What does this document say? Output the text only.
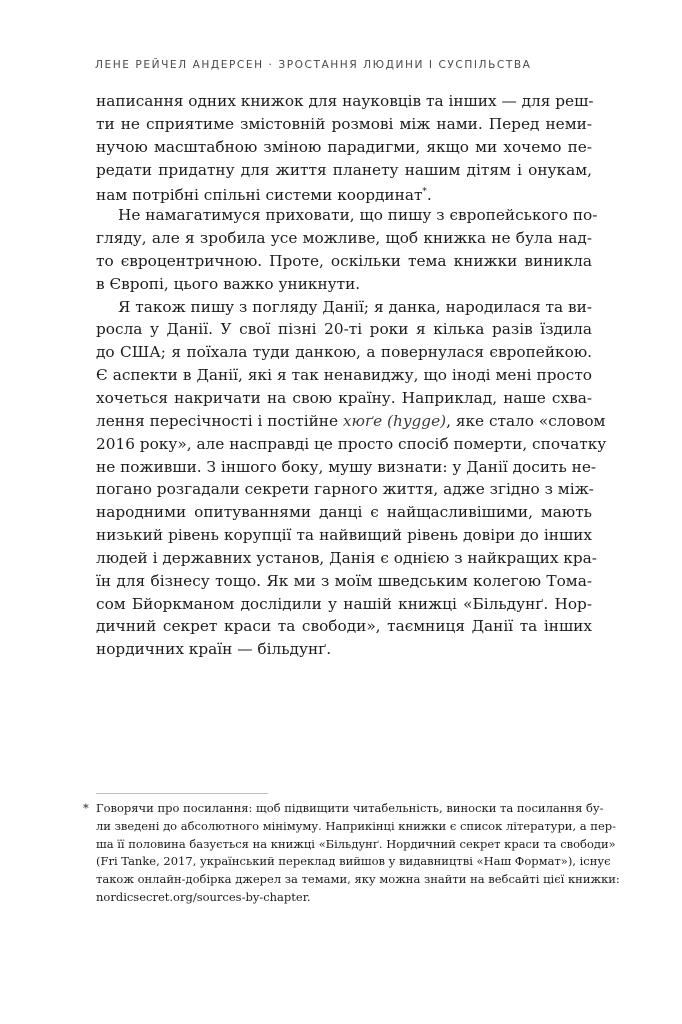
ЛЕНЕ РЕЙЧЕЛ АНДЕРСЕН · ЗРОСТАННЯ ЛЮДИНИ І СУСПІЛЬСТВА
написання одних книжок для науковців та інших — для реш-
ти не сприятиме змістовній розмові між нами. Перед неми-
нучою масштабною зміною парадигми, якщо ми хочемо пе-
редати придатну для життя планету нашим дітям і онукам,
нам потрібні спільні системи координат*.
Не намагатимуся приховати, що пишу з європейського по-
гляду, але я зробила усе можливе, щоб книжка не була над-
то євроцентричною. Проте, оскільки тема книжки виникла
в Європі, цього важко уникнути.
Я також пишу з погляду Данії; я данка, народилася та ви-
росла у Данії. У свої пізні 20-ті роки я кілька разів їздила
до США; я поїхала туди данкою, а повернулася європейкою.
Є аспекти в Данії, які я так ненавиджу, що іноді мені просто
хочеться накричати на свою країну. Наприклад, наше схва-
лення пересічності і постійне хюґе (hygge), яке стало «словом
2016 року», але насправді це просто спосіб померти, спочатку
не поживши. З іншого боку, мушу визнати: у Данії досить не-
погано розгадали секрети гарного життя, адже згідно з між-
народними опитуваннями данці є найщасливішими, мають
низький рівень корупції та найвищий рівень довіри до інших
людей і державних установ, Данія є однією з найкращих кра-
їн для бізнесу тощо. Як ми з моїм шведським колегою Тома-
сом Бйоркманом дослідили у нашій книжці «Більдунґ. Нор-
дичний секрет краси та свободи», таємниця Данії та інших
нордичних країн — більдунґ.
* Говорячи про посилання: щоб підвищити читабельність, виноски та посилання бу-
ли зведені до абсолютного мінімуму. Наприкінці книжки є список літератури, а пер-
ша її половина базується на книжці «Більдунґ. Нордичний секрет краси та свободи»
(Fri Tanke, 2017, український переклад вийшов у видавництві «Наш Формат»), існує
також онлайн-добірка джерел за темами, яку можна знайти на вебсайті цієї книжки:
nordicsecret.org/sources-by-chapter.
